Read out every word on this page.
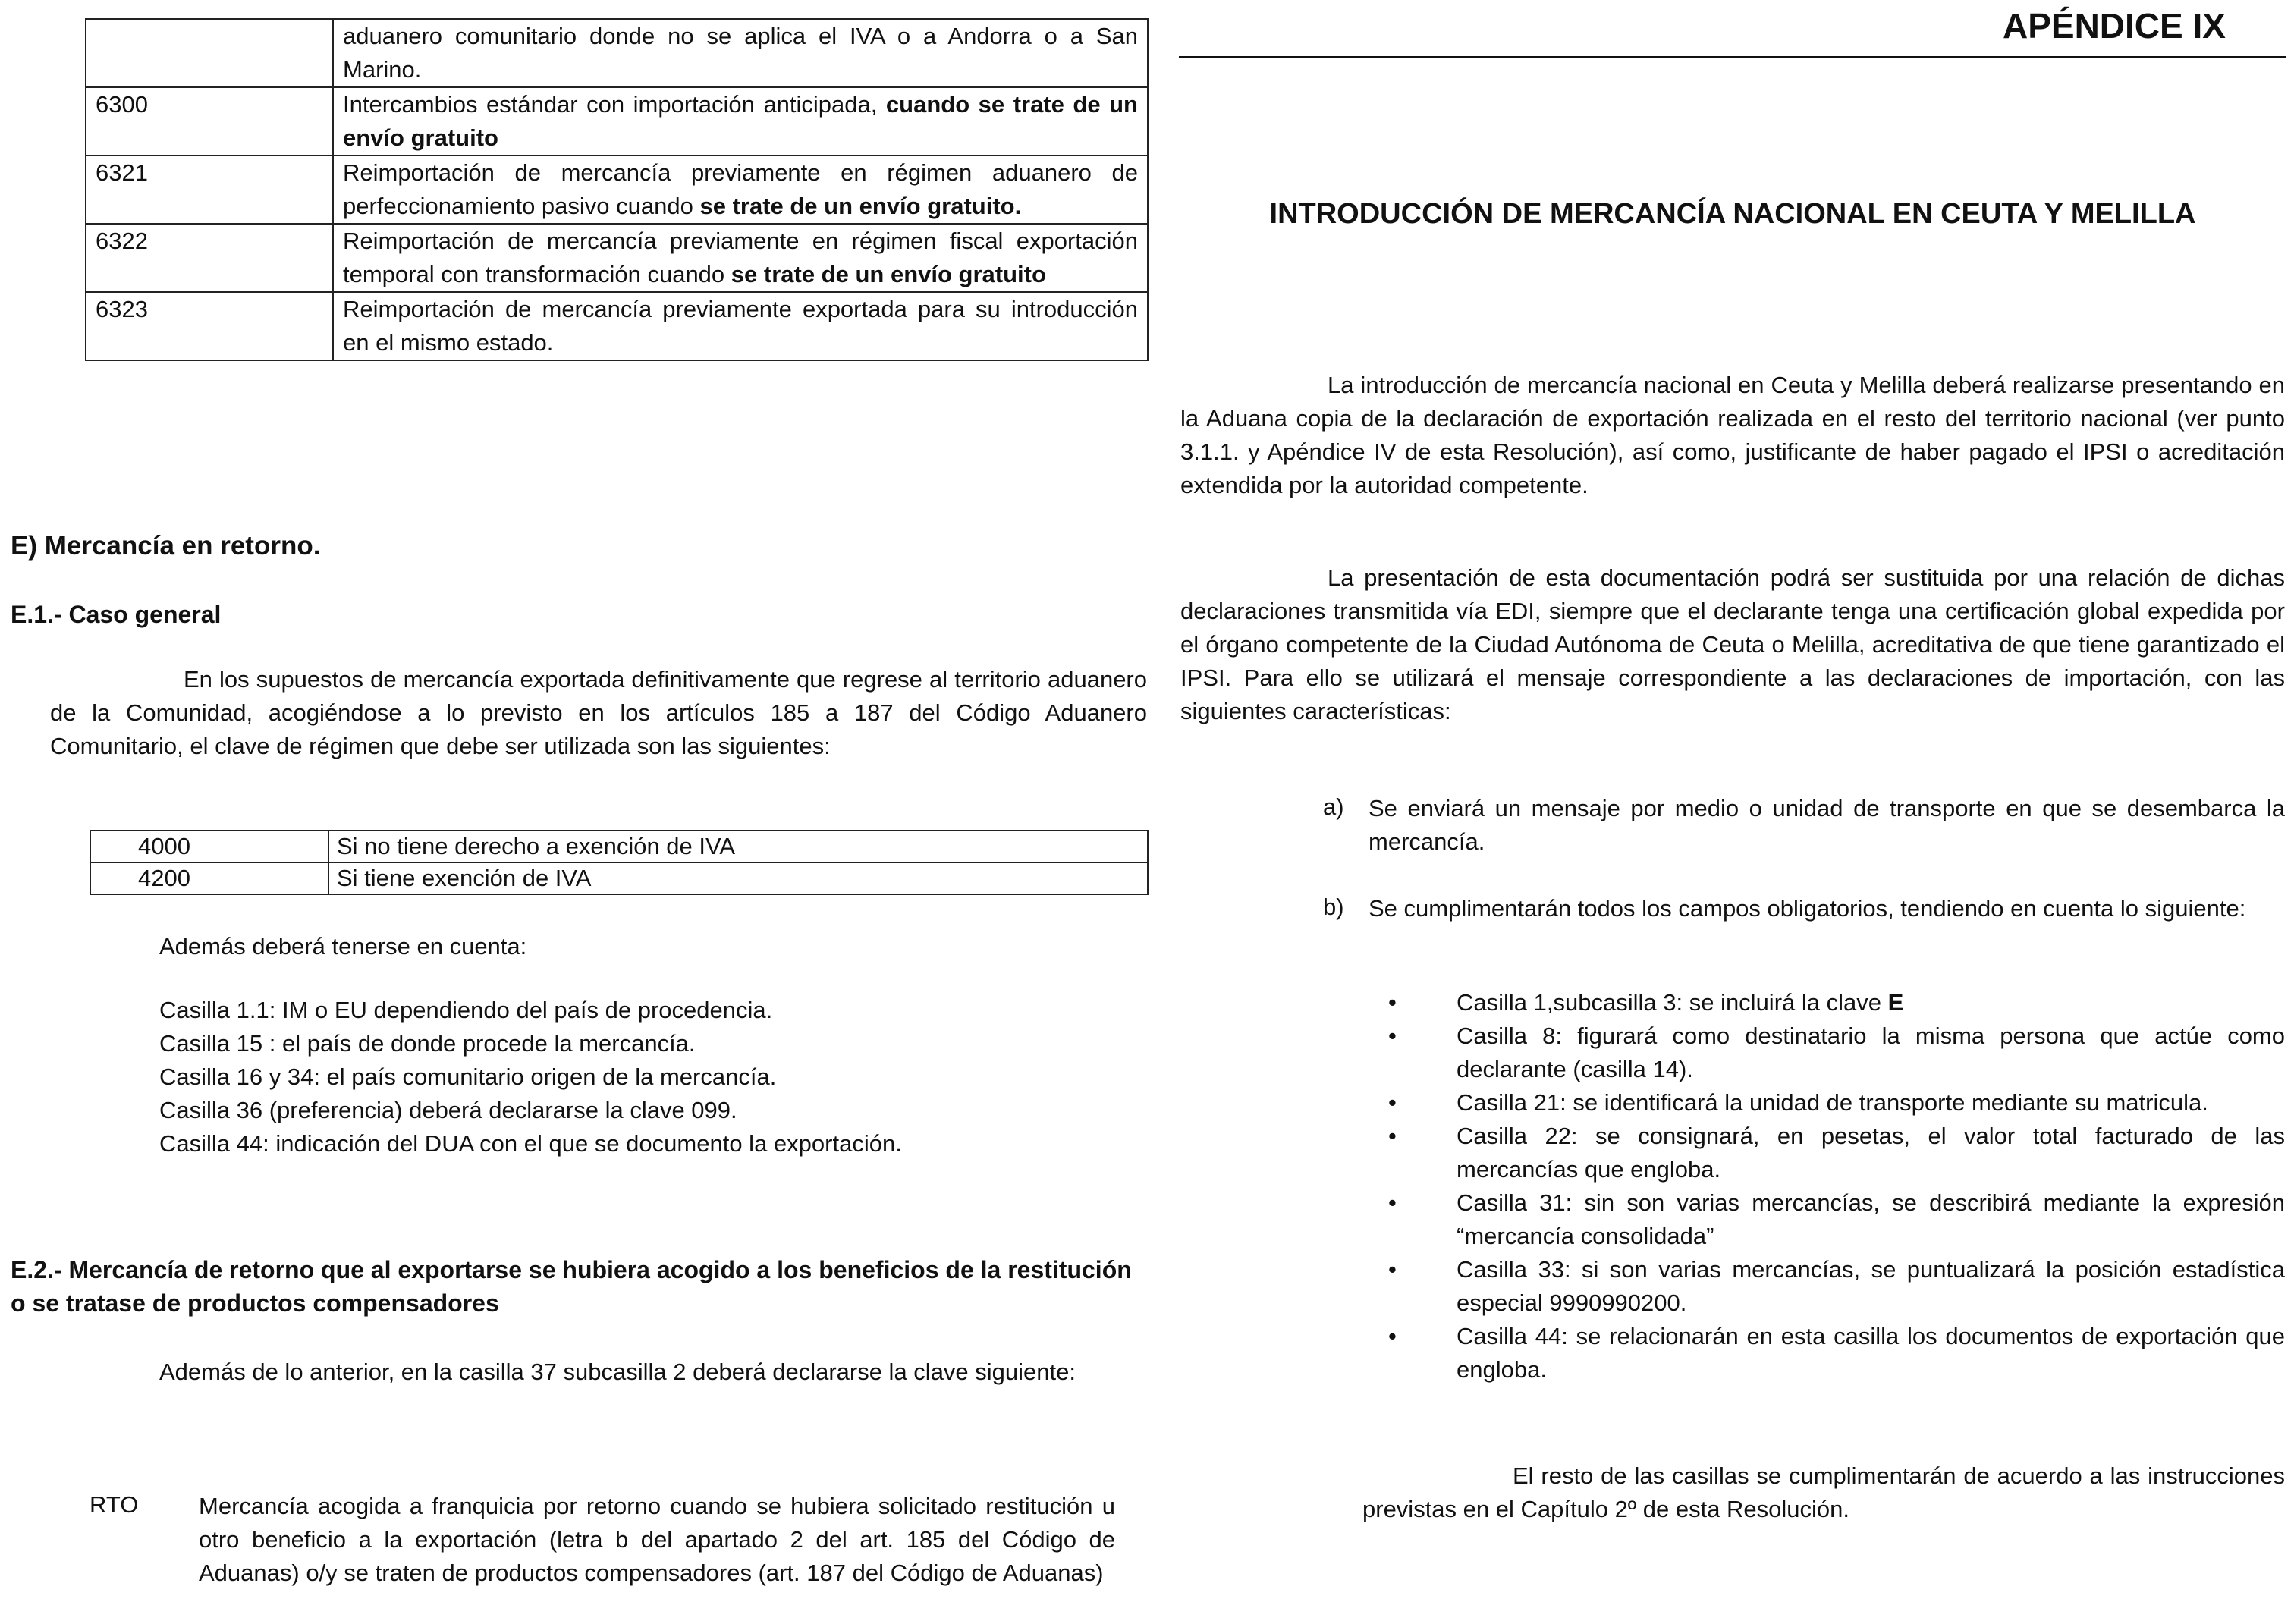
	aduanero comunitario donde no se aplica el IVA o a Andorra o a San Marino.
6300	Intercambios estándar con importación anticipada, cuando se trate de un envío gratuito
6321	Reimportación de mercancía previamente en régimen aduanero de perfeccionamiento pasivo cuando se trate de un envío gratuito.
6322	Reimportación de mercancía previamente en régimen fiscal exportación temporal con transformación cuando se trate de un envío gratuito
6323	Reimportación de mercancía previamente exportada para su introducción en el mismo estado.
E) Mercancía en retorno.
E.1.- Caso general
En los supuestos de mercancía exportada definitivamente que regrese al territorio aduanero de la Comunidad, acogiéndose a lo previsto en los artículos 185 a 187 del Código Aduanero Comunitario, el clave de régimen que debe ser utilizada son las siguientes:
4000	Si no tiene derecho a exención de IVA
4200	Si tiene exención de IVA
Además deberá tenerse en cuenta:
Casilla 1.1: IM o EU dependiendo del país de procedencia.
Casilla 15 : el país de donde procede la mercancía.
Casilla 16 y 34: el país comunitario origen de la mercancía.
Casilla 36 (preferencia) deberá declararse la clave 099.
Casilla 44: indicación del DUA con el que se documento la exportación.
E.2.- Mercancía de retorno que al exportarse se hubiera acogido a los beneficios de la restitución o se tratase de productos compensadores
Además de lo anterior, en la casilla 37 subcasilla 2 deberá declararse la clave siguiente:
RTO	Mercancía acogida a franquicia por retorno cuando se hubiera solicitado restitución u otro beneficio a la exportación (letra b del apartado 2 del art. 185 del Código de Aduanas) o/y se traten de productos compensadores (art. 187 del Código de Aduanas)
APÉNDICE IX
INTRODUCCIÓN DE MERCANCÍA NACIONAL EN CEUTA Y MELILLA
La introducción de mercancía nacional en Ceuta y Melilla deberá realizarse presentando en la Aduana copia de la declaración de exportación realizada en el resto del territorio nacional (ver punto 3.1.1. y Apéndice IV de esta Resolución), así como, justificante de haber pagado el IPSI o acreditación extendida por la autoridad competente.
La presentación de esta documentación podrá ser sustituida por una relación de dichas declaraciones transmitida vía EDI, siempre que el declarante tenga una certificación global expedida por el órgano competente de la Ciudad Autónoma de Ceuta o Melilla, acreditativa de que tiene garantizado el IPSI. Para ello se utilizará el mensaje correspondiente a las declaraciones de importación, con las siguientes características:
a) Se enviará un mensaje por medio o unidad de transporte en que se desembarca la mercancía.
b) Se cumplimentarán todos los campos obligatorios, tendiendo en cuenta lo siguiente:
•	Casilla 1,subcasilla 3: se incluirá la clave E
•	Casilla 8: figurará como destinatario la misma persona que actúe como declarante (casilla 14).
•	Casilla 21: se identificará la unidad de transporte mediante su matricula.
•	Casilla 22: se consignará, en pesetas, el valor total facturado de las mercancías que engloba.
•	Casilla 31: sin son varias mercancías, se describirá mediante la expresión “mercancía consolidada”
•	Casilla 33: si son varias mercancías, se puntualizará la posición estadística especial 9990990200.
•	Casilla 44: se relacionarán en esta casilla los documentos de exportación que engloba.
El resto de las casillas se cumplimentarán de acuerdo a las instrucciones previstas en el Capítulo 2º de esta Resolución.
